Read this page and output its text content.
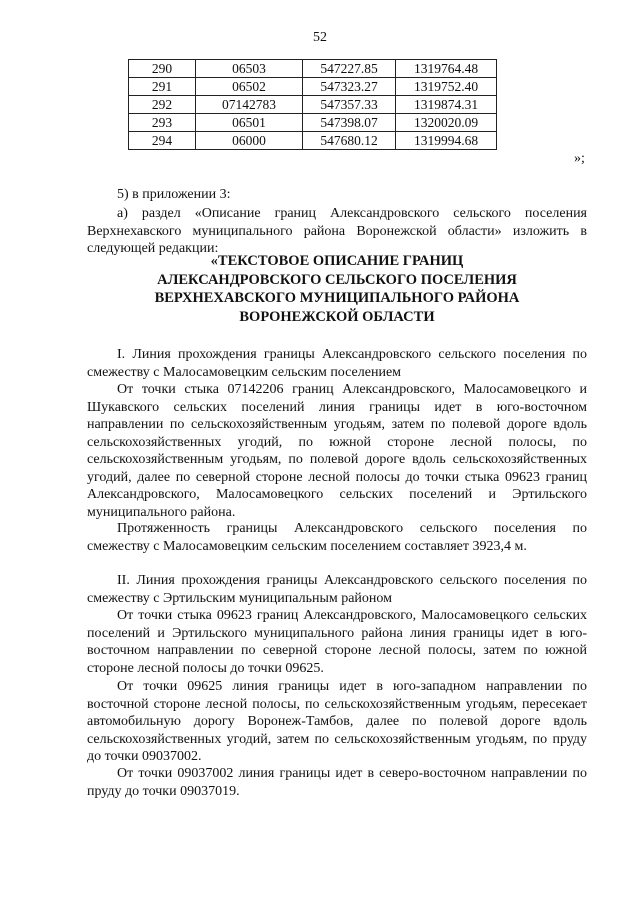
52
290	06503	547227.85	1319764.48
291	06502	547323.27	1319752.40
292	07142783	547357.33	1319874.31
293	06501	547398.07	1320020.09
294	06000	547680.12	1319994.68
»;
5) в приложении 3:
а) раздел «Описание границ Александровского сельского поселения Верхнехавского муниципального района Воронежской области» изложить в следующей редакции:
«ТЕКСТОВОЕ ОПИСАНИЕ ГРАНИЦ
АЛЕКСАНДРОВСКОГО СЕЛЬСКОГО ПОСЕЛЕНИЯ
ВЕРХНЕХАВСКОГО МУНИЦИПАЛЬНОГО РАЙОНА
ВОРОНЕЖСКОЙ ОБЛАСТИ
I. Линия прохождения границы Александровского сельского поселения по смежеству с Малосамовецким сельским поселением
От точки стыка 07142206 границ Александровского, Малосамовецкого и Шукавского сельских поселений линия границы идет в юго-восточном направлении по сельскохозяйственным угодьям, затем по полевой дороге вдоль сельскохозяйственных угодий, по южной стороне лесной полосы, по сельскохозяйственным угодьям, по полевой дороге вдоль сельскохозяйственных угодий, далее по северной стороне лесной полосы до точки стыка 09623 границ Александровского, Малосамовецкого сельских поселений и Эртильского муниципального района.
Протяженность границы Александровского сельского поселения по смежеству с Малосамовецким сельским поселением составляет 3923,4 м.
II. Линия прохождения границы Александровского сельского поселения по смежеству с Эртильским муниципальным районом
От точки стыка 09623 границ Александровского, Малосамовецкого сельских поселений и Эртильского муниципального района линия границы идет в юго-восточном направлении по северной стороне лесной полосы, затем по южной стороне лесной полосы до точки 09625.
От точки 09625 линия границы идет в юго-западном направлении по восточной стороне лесной полосы, по сельскохозяйственным угодьям, пересекает автомобильную дорогу Воронеж-Тамбов, далее по полевой дороге вдоль сельскохозяйственных угодий, затем по сельскохозяйственным угодьям, по пруду до точки 09037002.
От точки 09037002 линия границы идет в северо-восточном направлении по пруду до точки 09037019.
